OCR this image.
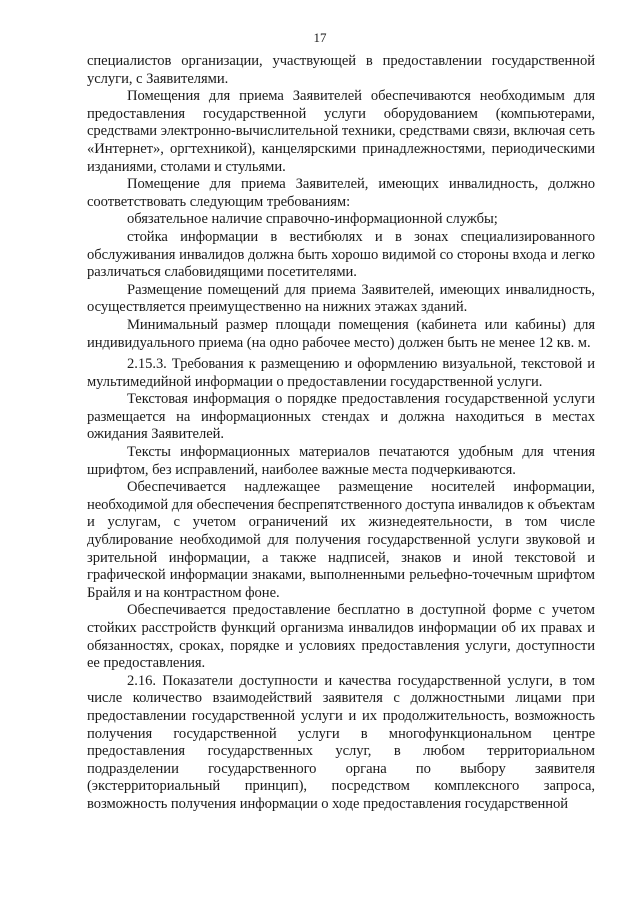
17

специалистов организации, участвующей в предоставлении государственной услуги, с Заявителями.

Помещения для приема Заявителей обеспечиваются необходимым для предоставления государственной услуги оборудованием (компьютерами, средствами электронно-вычислительной техники, средствами связи, включая сеть «Интернет», оргтехникой), канцелярскими принадлежностями, периодическими изданиями, столами и стульями.

Помещение для приема Заявителей, имеющих инвалидность, должно соответствовать следующим требованиям:

обязательное наличие справочно-информационной службы;

стойка информации в вестибюлях и в зонах специализированного обслуживания инвалидов должна быть хорошо видимой со стороны входа и легко различаться слабовидящими посетителями.

Размещение помещений для приема Заявителей, имеющих инвалидность, осуществляется преимущественно на нижних этажах зданий.

Минимальный размер площади помещения (кабинета или кабины) для индивидуального приема (на одно рабочее место) должен быть не менее 12 кв. м.

2.15.3. Требования к размещению и оформлению визуальной, текстовой и мультимедийной информации о предоставлении государственной услуги.

Текстовая информация о порядке предоставления государственной услуги размещается на информационных стендах и должна находиться в местах ожидания Заявителей.

Тексты информационных материалов печатаются удобным для чтения шрифтом, без исправлений, наиболее важные места подчеркиваются.

Обеспечивается надлежащее размещение носителей информации, необходимой для обеспечения беспрепятственного доступа инвалидов к объектам и услугам, с учетом ограничений их жизнедеятельности, в том числе дублирование необходимой для получения государственной услуги звуковой и зрительной информации, а также надписей, знаков и иной текстовой и графической информации знаками, выполненными рельефно-точечным шрифтом Брайля и на контрастном фоне.

Обеспечивается предоставление бесплатно в доступной форме с учетом стойких расстройств функций организма инвалидов информации об их правах и обязанностях, сроках, порядке и условиях предоставления услуги, доступности ее предоставления.

2.16. Показатели доступности и качества государственной услуги, в том числе количество взаимодействий заявителя с должностными лицами при предоставлении государственной услуги и их продолжительность, возможность получения государственной услуги в многофункциональном центре предоставления государственных услуг, в любом территориальном подразделении государственного органа по выбору заявителя (экстерриториальный принцип), посредством комплексного запроса, возможность получения информации о ходе предоставления государственной
